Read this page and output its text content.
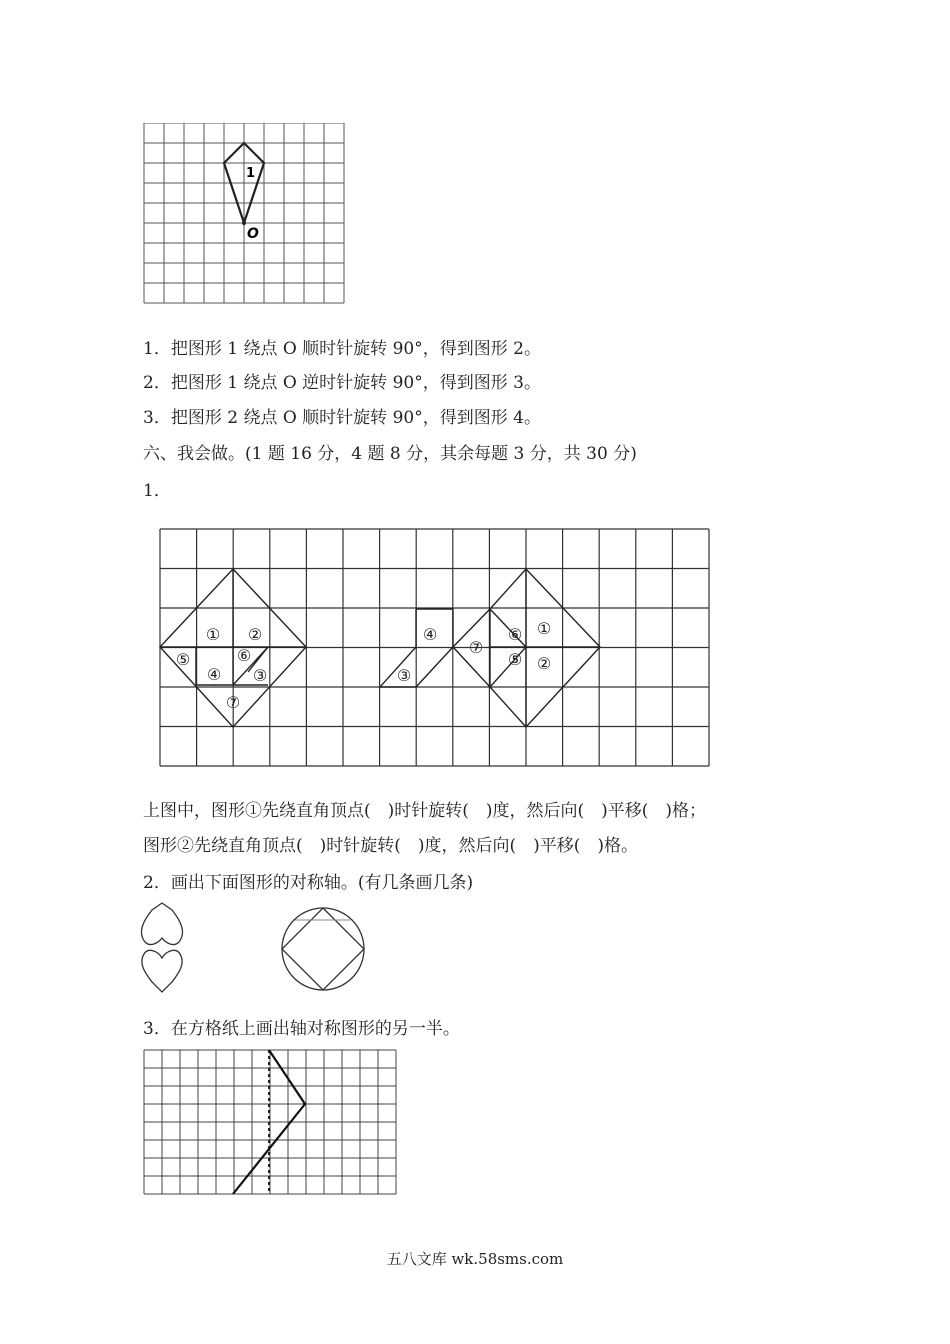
1
O
1．把图形 1 绕点 O 顺时针旋转 90°，得到图形 2。
2．把图形 1 绕点 O 逆时针旋转 90°，得到图形 3。
3．把图形 2 绕点 O 顺时针旋转 90°，得到图形 4。
六、我会做。(1 题 16 分，4 题 8 分，其余每题 3 分，共 30 分)
1．
① ②
⑤	⑥
④ ③
⑦
④
③
⑦
⑥
⑤
①
②
上图中，图形①先绕直角顶点(　)时针旋转(　)度，然后向(　)平移(　)格；
图形②先绕直角顶点(　)时针旋转(　)度，然后向(　)平移(　)格。
2．画出下面图形的对称轴。(有几条画几条)
3．在方格纸上画出轴对称图形的另一半。
五八文库 wk.58sms.com
